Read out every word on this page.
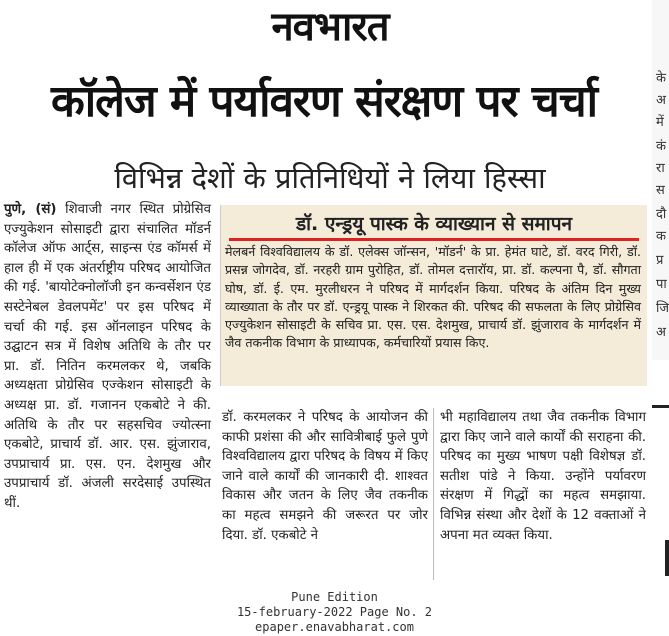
नवभारत
कॉलेज में पर्यावरण संरक्षण पर चर्चा
विभिन्न देशों के प्रतिनिधियों ने लिया हिस्सा
पुणे, (सं) शिवाजी नगर स्थित प्रोग्रेसिव एज्युकेशन सोसाइटी द्वारा संचालित मॉडर्न कॉलेज ऑफ आर्ट्स, साइन्स एंड कॉमर्स में हाल ही में एक अंतर्राष्ट्रीय परिषद आयोजित की गई. 'बायोटेक्नोलॉजी इन कन्वर्सेशन एंड सस्टेनेबल डेवलपमेंट' पर इस परिषद में चर्चा की गई. इस ऑनलाइन परिषद के उद्घाटन सत्र में विशेष अतिथि के तौर पर प्रा. डॉ. नितिन करमलकर थे, जबकि अध्यक्षता प्रोग्रेसिव एज्केशन सोसाइटी के अध्यक्ष प्रा. डॉ. गजानन एकबोटे ने की. अतिथि के तौर पर सहसचिव ज्योत्स्ना एकबोटे, प्राचार्य डॉ. आर. एस. झुंजाराव, उपप्राचार्य प्रा. एस. एन. देशमुख और उपप्राचार्य डॉ. अंजली सरदेसाई उपस्थित थीं.
डॉ. एन्ड्रयू पास्क के व्याख्यान से समापन
मेलबर्न विश्वविद्यालय के डॉ. एलेक्स जॉन्सन, 'मॉडर्न' के प्रा. हेमंत घाटे, डॉ. वरद गिरी, डॉ. प्रसन्न जोगदेव, डॉ. नरहरी ग्राम पुरोहित, डॉ. तोमल दत्तारॉय, प्रा. डॉ. कल्पना पै, डॉ. सौगता घोष, डॉ. ई. एम. मुरलीधरन ने परिषद में मार्गदर्शन किया. परिषद के अंतिम दिन मुख्य व्याख्याता के तौर पर डॉ. एन्ड्रयू पास्क ने शिरकत की. परिषद की सफलता के लिए प्रोग्रेसिव एज्युकेशन सोसाइटी के सचिव प्रा. एस. एस. देशमुख, प्राचार्य डॉ. झुंजाराव के मार्गदर्शन में जैव तकनीक विभाग के प्राध्यापक, कर्मचारियों प्रयास किए.
डॉ. करमलकर ने परिषद के आयोजन की काफी प्रशंसा की और सावित्रीबाई फुले पुणे विश्वविद्यालय द्वारा परिषद के विषय में किए जाने वाले कार्यों की जानकारी दी. शाश्वत विकास और जतन के लिए जैव तकनीक का महत्व समझने की जरूरत पर जोर दिया. डॉ. एकबोटे ने
भी महाविद्यालय तथा जैव तकनीक विभाग द्वारा किए जाने वाले कार्यों की सराहना की. परिषद का मुख्य भाषण पक्षी विशेषज्ञ डॉ. सतीश पांडे ने किया. उन्होंने पर्यावरण संरक्षण में गिद्धों का महत्व समझाया. विभिन्न संस्था और देशों के 12 वक्ताओं ने अपना मत व्यक्त किया.
के
अ
में
कं
रा
स
दौ
क
प्र
पा
जि
अ
Pune Edition
15-february-2022 Page No. 2
epaper.enavabharat.com
